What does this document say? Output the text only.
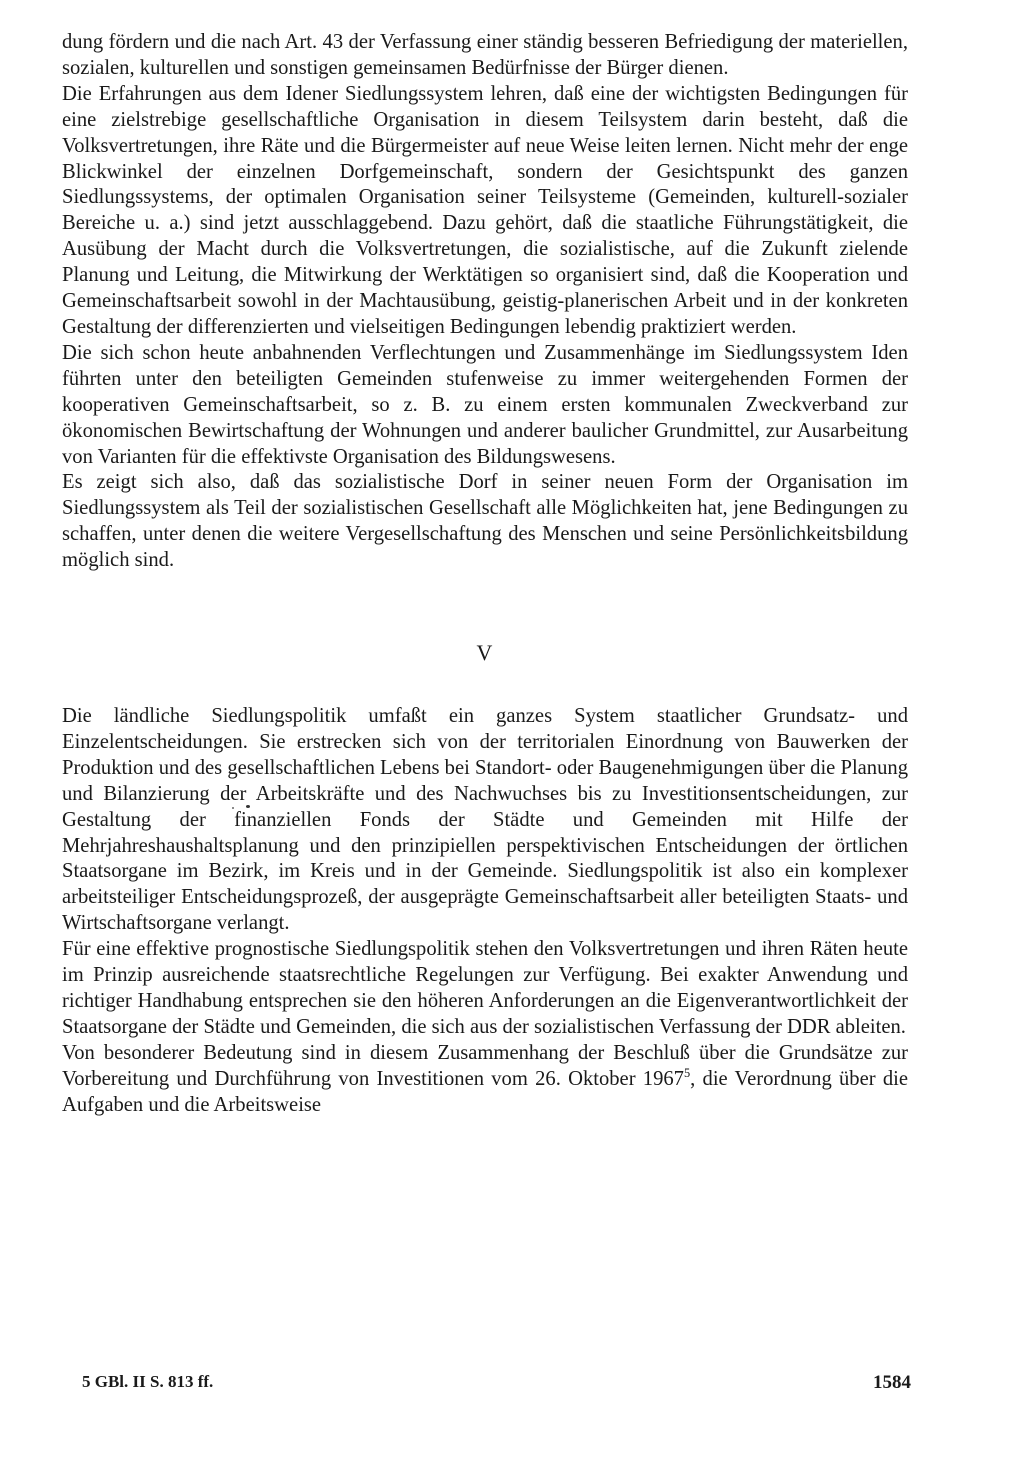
dung fördern und die nach Art. 43 der Verfassung einer ständig besseren Befriedigung der materiellen, sozialen, kulturellen und sonstigen gemeinsamen Bedürfnisse der Bürger dienen.

Die Erfahrungen aus dem Idener Siedlungssystem lehren, daß eine der wichtigsten Bedingungen für eine zielstrebige gesellschaftliche Organisation in diesem Teilsystem darin besteht, daß die Volksvertretungen, ihre Räte und die Bürgermeister auf neue Weise leiten lernen. Nicht mehr der enge Blickwinkel der einzelnen Dorfgemeinschaft, sondern der Gesichtspunkt des ganzen Siedlungssystems, der optimalen Organisation seiner Teilsysteme (Gemeinden, kulturell-sozialer Bereiche u. a.) sind jetzt ausschlaggebend. Dazu gehört, daß die staatliche Führungstätigkeit, die Ausübung der Macht durch die Volksvertretungen, die sozialistische, auf die Zukunft zielende Planung und Leitung, die Mitwirkung der Werktätigen so organisiert sind, daß die Kooperation und Gemeinschaftsarbeit sowohl in der Machtausübung, geistig-planerischen Arbeit und in der konkreten Gestaltung der differenzierten und vielseitigen Bedingungen lebendig praktiziert werden.

Die sich schon heute anbahnenden Verflechtungen und Zusammenhänge im Siedlungssystem Iden führten unter den beteiligten Gemeinden stufenweise zu immer weitergehenden Formen der kooperativen Gemeinschaftsarbeit, so z. B. zu einem ersten kommunalen Zweckverband zur ökonomischen Bewirtschaftung der Wohnungen und anderer baulicher Grundmittel, zur Ausarbeitung von Varianten für die effektivste Organisation des Bildungswesens.

Es zeigt sich also, daß das sozialistische Dorf in seiner neuen Form der Organisation im Siedlungssystem als Teil der sozialistischen Gesellschaft alle Möglichkeiten hat, jene Bedingungen zu schaffen, unter denen die weitere Vergesellschaftung des Menschen und seine Persönlichkeitsbildung möglich sind.

V

Die ländliche Siedlungspolitik umfaßt ein ganzes System staatlicher Grundsatz- und Einzelentscheidungen. Sie erstrecken sich von der territorialen Einordnung von Bauwerken der Produktion und des gesellschaftlichen Lebens bei Standort- oder Baugenehmigungen über die Planung und Bilanzierung der Arbeitskräfte und des Nachwuchses bis zu Investitionsentscheidungen, zur Gestaltung der finanziellen Fonds der Städte und Gemeinden mit Hilfe der Mehrjahreshaushaltsplanung und den prinzipiellen perspektivischen Entscheidungen der örtlichen Staatsorgane im Bezirk, im Kreis und in der Gemeinde. Siedlungspolitik ist also ein komplexer arbeitsteiliger Entscheidungsprozeß, der ausgeprägte Gemeinschaftsarbeit aller beteiligten Staats- und Wirtschaftsorgane verlangt.

Für eine effektive prognostische Siedlungspolitik stehen den Volksvertretungen und ihren Räten heute im Prinzip ausreichende staatsrechtliche Regelungen zur Verfügung. Bei exakter Anwendung und richtiger Handhabung entsprechen sie den höheren Anforderungen an die Eigenverantwortlichkeit der Staatsorgane der Städte und Gemeinden, die sich aus der sozialistischen Verfassung der DDR ableiten.

Von besonderer Bedeutung sind in diesem Zusammenhang der Beschluß über die Grundsätze zur Vorbereitung und Durchführung von Investitionen vom 26. Oktober 1967$^5$, die Verordnung über die Aufgaben und die Arbeitsweise

5 GBl. II S. 813 ff.	1584
